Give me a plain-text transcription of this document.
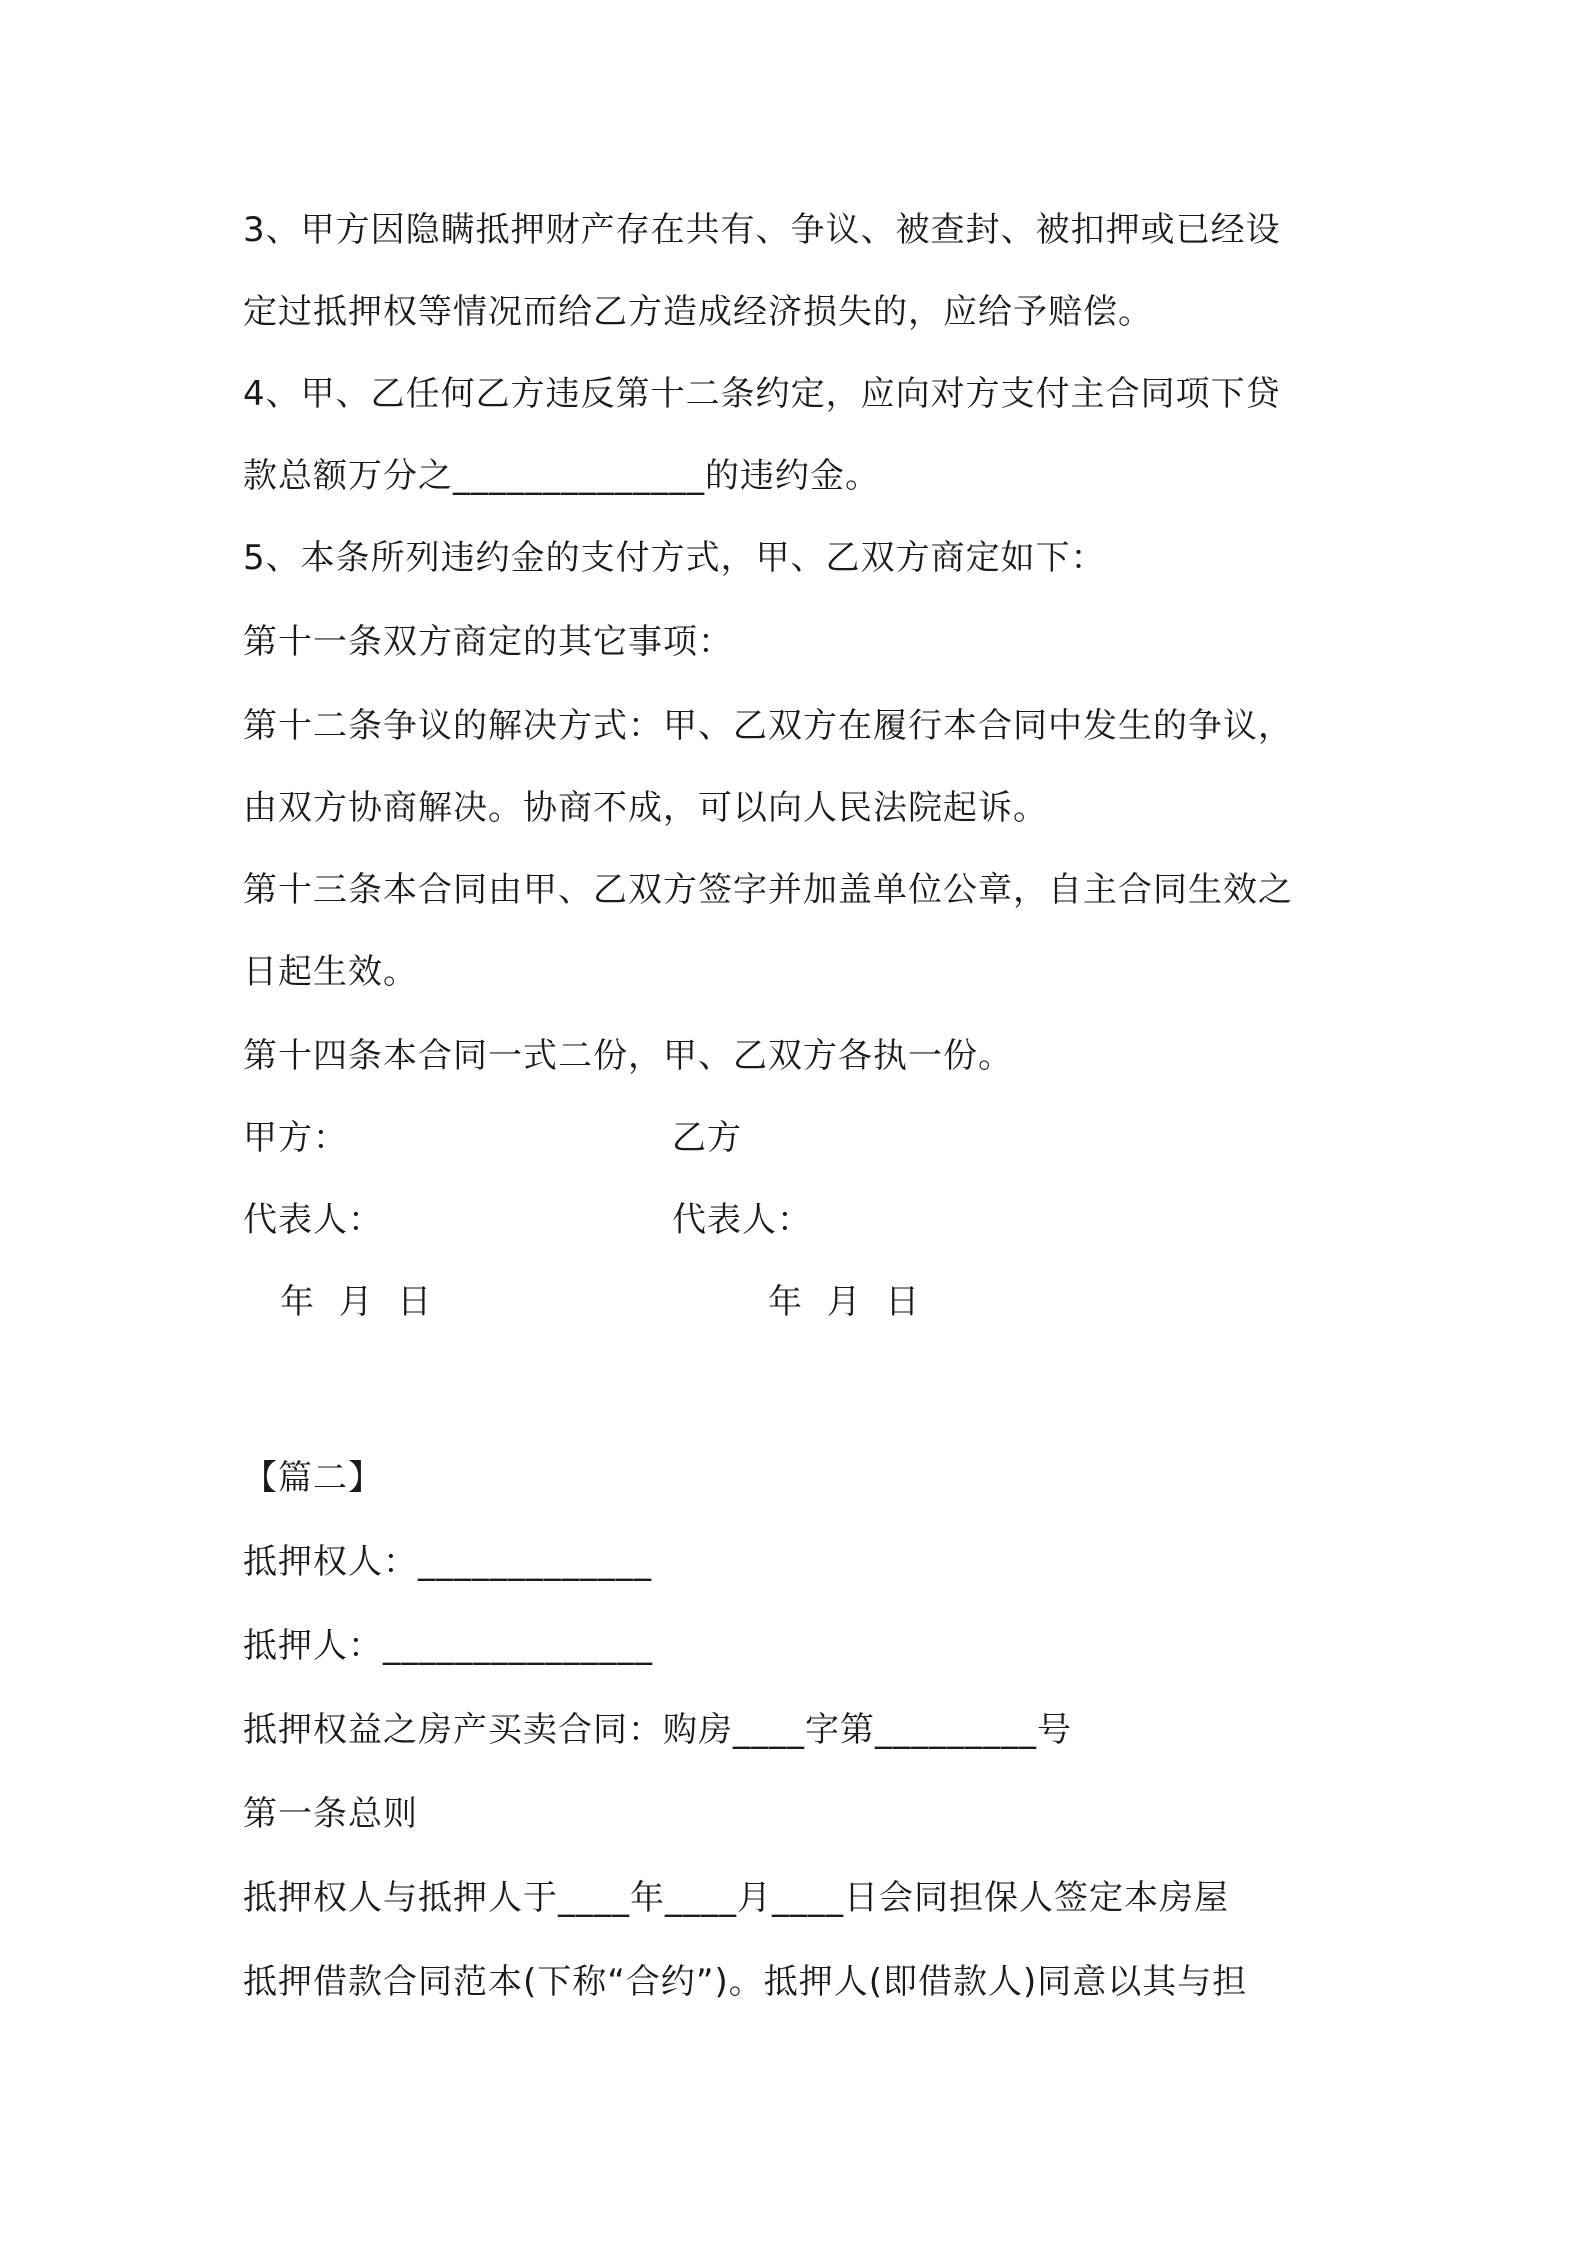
3、甲方因隐瞒抵押财产存在共有、争议、被查封、被扣押或已经设
定过抵押权等情况而给乙方造成经济损失的，应给予赔偿。
4、甲、乙任何乙方违反第十二条约定，应向对方支付主合同项下贷
款总额万分之______________的违约金。
5、本条所列违约金的支付方式，甲、乙双方商定如下：
第十一条双方商定的其它事项：
第十二条争议的解决方式：甲、乙双方在履行本合同中发生的争议，
由双方协商解决。协商不成，可以向人民法院起诉。
第十三条本合同由甲、乙双方签字并加盖单位公章，自主合同生效之
日起生效。
第十四条本合同一式二份，甲、乙双方各执一份。
甲方：	乙方
代表人：	代表人：
年  月  日	年  月  日
【篇二】
抵押权人：_____________
抵押人：_______________
抵押权益之房产买卖合同：购房____字第_________号
第一条总则
抵押权人与抵押人于____年____月____日会同担保人签定本房屋
抵押借款合同范本(下称“合约”)。抵押人(即借款人)同意以其与担
